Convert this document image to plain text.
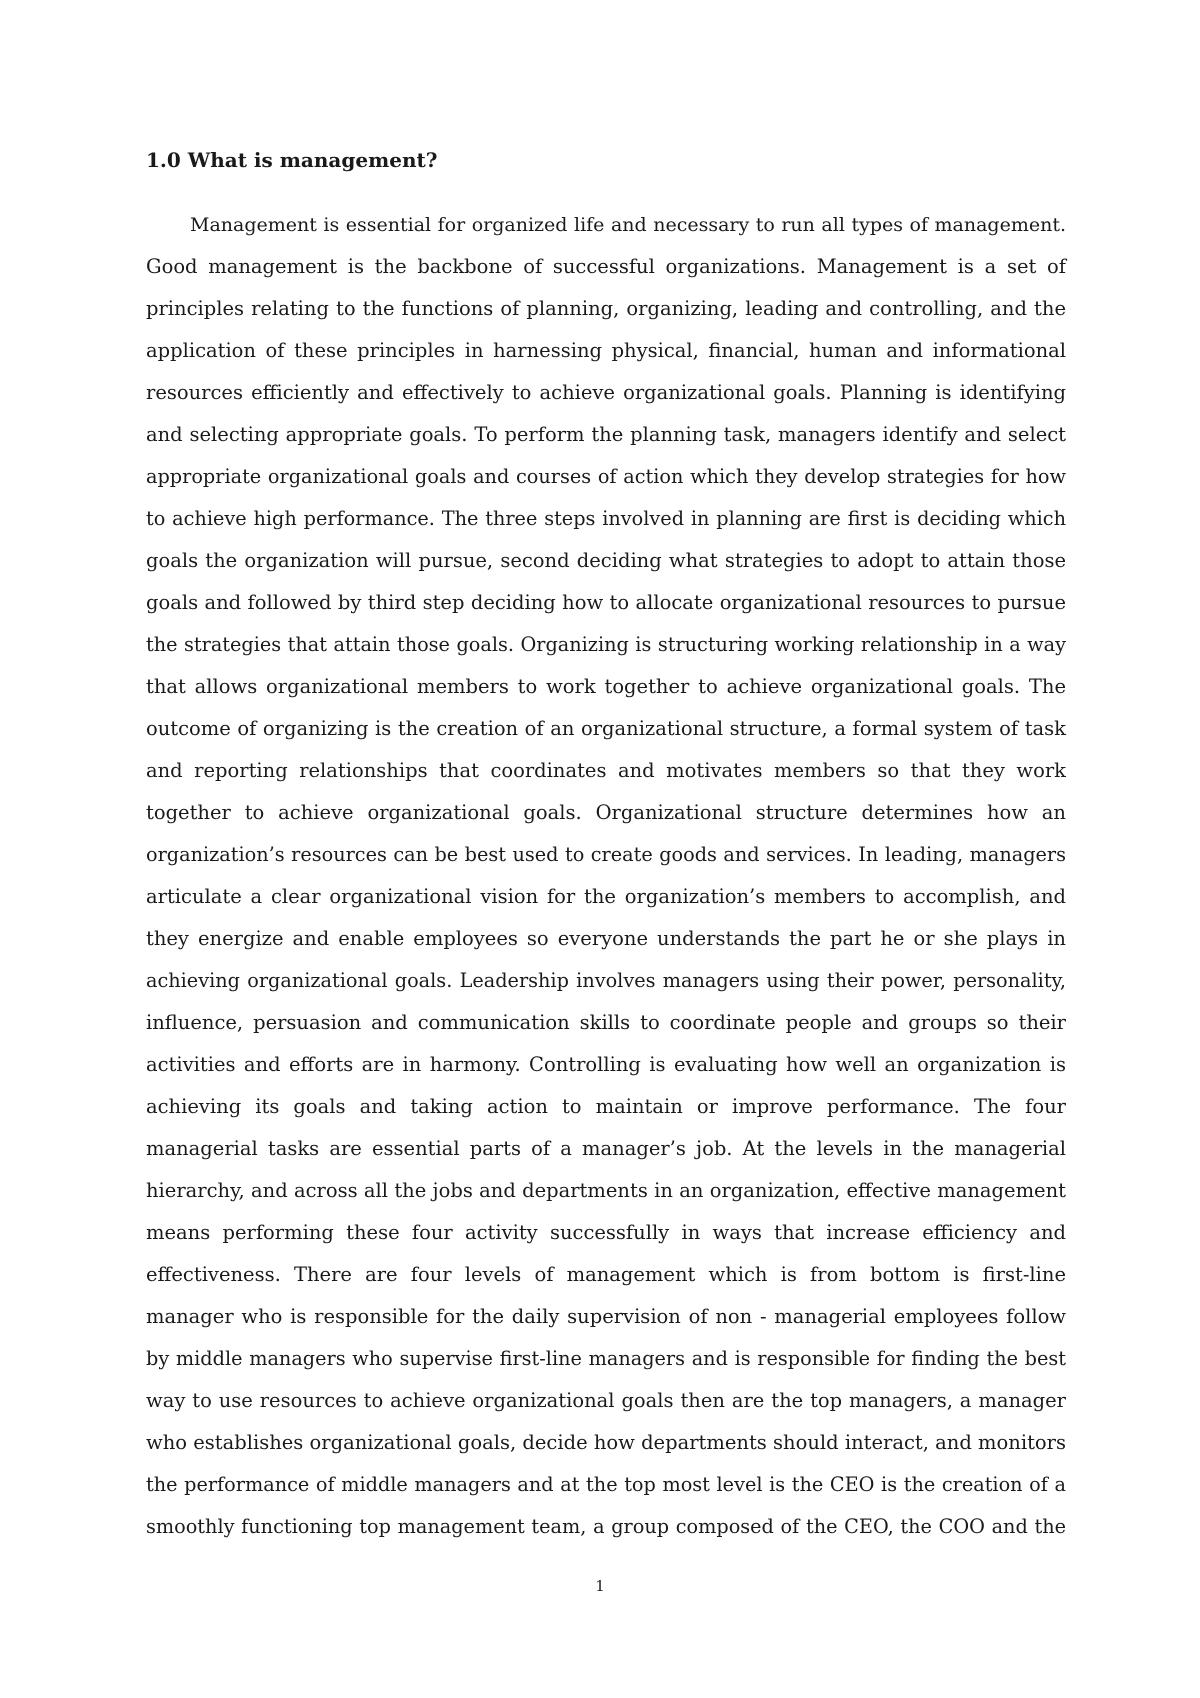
1.0 What is management?
Management is essential for organized life and necessary to run all types of management.
Good management is the backbone of successful organizations. Management is a set of
principles relating to the functions of planning, organizing, leading and controlling, and the
application of these principles in harnessing physical, financial, human and informational
resources efficiently and effectively to achieve organizational goals. Planning is identifying
and selecting appropriate goals. To perform the planning task, managers identify and select
appropriate organizational goals and courses of action which they develop strategies for how
to achieve high performance. The three steps involved in planning are first is deciding which
goals the organization will pursue, second deciding what strategies to adopt to attain those
goals and followed by third step deciding how to allocate organizational resources to pursue
the strategies that attain those goals. Organizing is structuring working relationship in a way
that allows organizational members to work together to achieve organizational goals. The
outcome of organizing is the creation of an organizational structure, a formal system of task
and reporting relationships that coordinates and motivates members so that they work
together to achieve organizational goals. Organizational structure determines how an
organization’s resources can be best used to create goods and services. In leading, managers
articulate a clear organizational vision for the organization’s members to accomplish, and
they energize and enable employees so everyone understands the part he or she plays in
achieving organizational goals. Leadership involves managers using their power, personality,
influence, persuasion and communication skills to coordinate people and groups so their
activities and efforts are in harmony. Controlling is evaluating how well an organization is
achieving its goals and taking action to maintain or improve performance. The four
managerial tasks are essential parts of a manager’s job. At the levels in the managerial
hierarchy, and across all the jobs and departments in an organization, effective management
means performing these four activity successfully in ways that increase efficiency and
effectiveness. There are four levels of management which is from bottom is first-line
manager who is responsible for the daily supervision of non - managerial employees follow
by middle managers who supervise first-line managers and is responsible for finding the best
way to use resources to achieve organizational goals then are the top managers, a manager
who establishes organizational goals, decide how departments should interact, and monitors
the performance of middle managers and at the top most level is the CEO is the creation of a
smoothly functioning top management team, a group composed of the CEO, the COO and the
1
